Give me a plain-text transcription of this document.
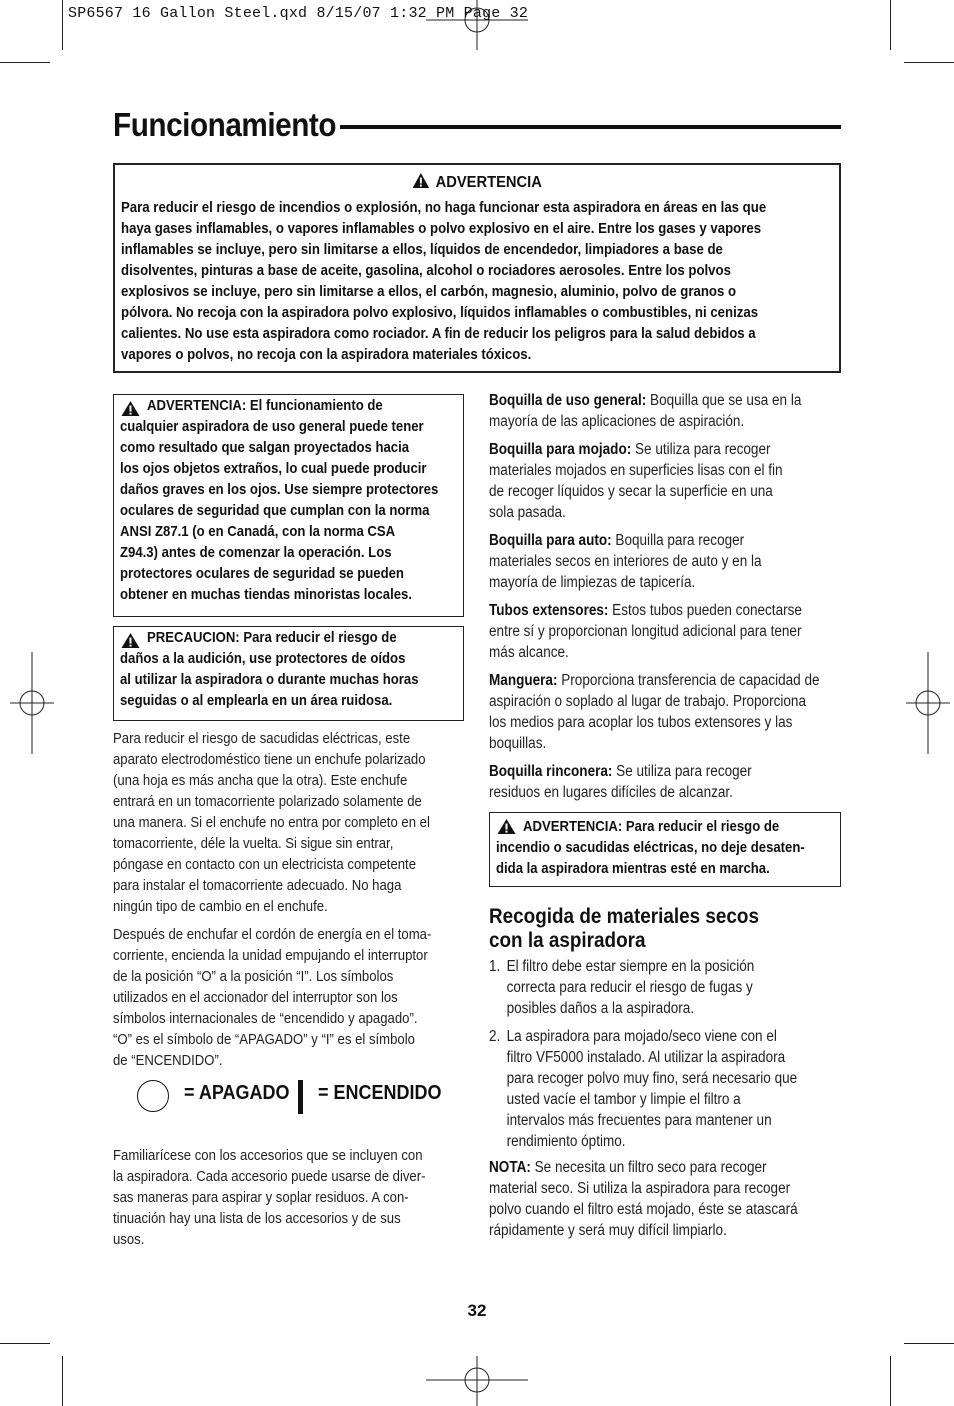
SP6567 16 Gallon Steel.qxd 8/15/07 1:32 PM Page 32
Funcionamiento
ADVERTENCIA
Para reducir el riesgo de incendios o explosión, no haga funcionar esta aspiradora en áreas en las que
haya gases inflamables, o vapores inflamables o polvo explosivo en el aire. Entre los gases y vapores
inflamables se incluye, pero sin limitarse a ellos, líquidos de encendedor, limpiadores a base de
disolventes, pinturas a base de aceite, gasolina, alcohol o rociadores aerosoles. Entre los polvos
explosivos se incluye, pero sin limitarse a ellos, el carbón, magnesio, aluminio, polvo de granos o
pólvora. No recoja con la aspiradora polvo explosivo, líquidos inflamables o combustibles, ni cenizas
calientes. No use esta aspiradora como rociador. A fin de reducir los peligros para la salud debidos a
vapores o polvos, no recoja con la aspiradora materiales tóxicos.
ADVERTENCIA: El funcionamiento de
cualquier aspiradora de uso general puede tener
como resultado que salgan proyectados hacia
los ojos objetos extraños, lo cual puede producir
daños graves en los ojos. Use siempre protectores
oculares de seguridad que cumplan con la norma
ANSI Z87.1 (o en Canadá, con la norma CSA
Z94.3) antes de comenzar la operación. Los
protectores oculares de seguridad se pueden
obtener en muchas tiendas minoristas locales.
PRECAUCION: Para reducir el riesgo de
daños a la audición, use protectores de oídos
al utilizar la aspiradora o durante muchas horas
seguidas o al emplearla en un área ruidosa.
Para reducir el riesgo de sacudidas eléctricas, este
aparato electrodoméstico tiene un enchufe polarizado
(una hoja es más ancha que la otra). Este enchufe
entrará en un tomacorriente polarizado solamente de
una manera. Si el enchufe no entra por completo en el
tomacorriente, déle la vuelta. Si sigue sin entrar,
póngase en contacto con un electricista competente
para instalar el tomacorriente adecuado. No haga
ningún tipo de cambio en el enchufe.
Después de enchufar el cordón de energía en el toma-
corriente, encienda la unidad empujando el interruptor
de la posición “O” a la posición “I”. Los símbolos
utilizados en el accionador del interruptor son los
símbolos internacionales de “encendido y apagado”.
“O” es el símbolo de “APAGADO” y “I” es el símbolo
de “ENCENDIDO”.
= APAGADO = ENCENDIDO
Familiarícese con los accesorios que se incluyen con
la aspiradora. Cada accesorio puede usarse de diver-
sas maneras para aspirar y soplar residuos. A con-
tinuación hay una lista de los accesorios y de sus
usos.
Boquilla de uso general: Boquilla que se usa en la
mayoría de las aplicaciones de aspiración.
Boquilla para mojado: Se utiliza para recoger
materiales mojados en superficies lisas con el fin
de recoger líquidos y secar la superficie en una
sola pasada.
Boquilla para auto: Boquilla para recoger
materiales secos en interiores de auto y en la
mayoría de limpiezas de tapicería.
Tubos extensores: Estos tubos pueden conectarse
entre sí y proporcionan longitud adicional para tener
más alcance.
Manguera: Proporciona transferencia de capacidad de
aspiración o soplado al lugar de trabajo. Proporciona
los medios para acoplar los tubos extensores y las
boquillas.
Boquilla rinconera: Se utiliza para recoger
residuos en lugares difíciles de alcanzar.
ADVERTENCIA: Para reducir el riesgo de
incendio o sacudidas eléctricas, no deje desaten-
dida la aspiradora mientras esté en marcha.
Recogida de materiales secos
con la aspiradora
1. El filtro debe estar siempre en la posición
correcta para reducir el riesgo de fugas y
posibles daños a la aspiradora.
2. La aspiradora para mojado/seco viene con el
filtro VF5000 instalado. Al utilizar la aspiradora
para recoger polvo muy fino, será necesario que
usted vacíe el tambor y limpie el filtro a
intervalos más frecuentes para mantener un
rendimiento óptimo.
NOTA: Se necesita un filtro seco para recoger
material seco. Si utiliza la aspiradora para recoger
polvo cuando el filtro está mojado, éste se atascará
rápidamente y será muy difícil limpiarlo.
32
